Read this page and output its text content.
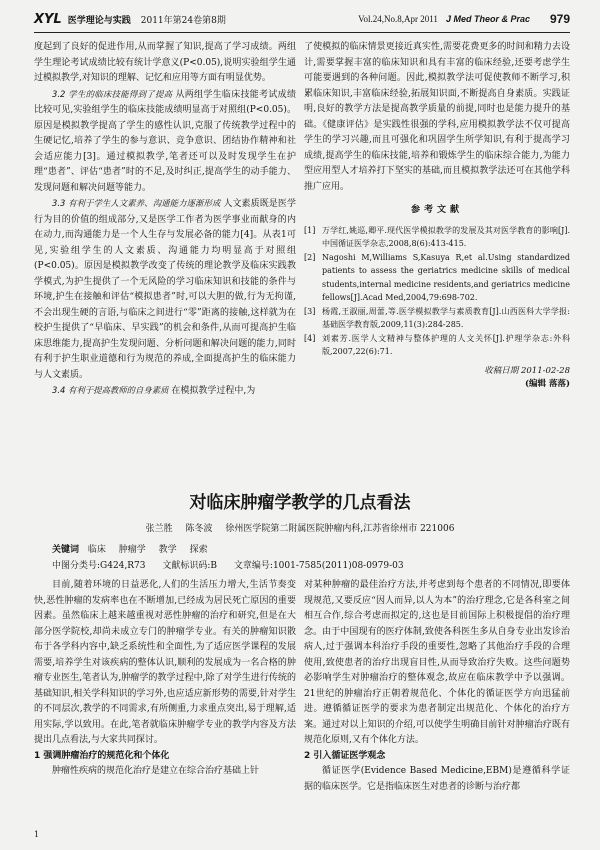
XYL 医学理论与实践 2011年第24卷第8期	Vol.24,No.8,Apr 2011 J Med Theor & Prac 979

度起到了良好的促进作用,从而掌握了知识,提高了学习成绩。两组学生理论考试成绩比较有统计学意义(P<0.05),说明实验组学生通过模拟教学,对知识的理解、记忆和应用等方面有明显优势。

3.2 学生的临床技能得到了提高 从两组学生临床技能考试成绩比较可见,实验组学生的临床技能成绩明显高于对照组(P<0.05)。原因是模拟教学提高了学生的感性认识,克服了传统教学过程中的生硬记忆,培养了学生的参与意识、竞争意识、团结协作精神和社会适应能力[3]。通过模拟教学,笔者还可以及时发现学生在护理“患者”、评估“患者”时的不足,及时纠正,提高学生的动手能力、发现问题和解决问题等能力。

3.3 有利于学生人文素养、沟通能力逐渐形成 人文素质既是医学行为目的价值的组成部分,又是医学工作者为医学事业而献身的内在动力,而沟通能力是一个人生存与发展必备的能力[4]。从表1可见,实验组学生的人文素质、沟通能力均明显高于对照组(P<0.05)。原因是模拟教学改变了传统的理论教学及临床实践教学模式,为护生提供了一个无风险的学习临床知识和技能的条件与环境,护生在接触和评估“模拟患者”时,可以大胆的做,行为无拘谨,不会出现生硬的言语,与临床之间进行“零”距离的接触,这样就为在校护生提供了“早临床、早实践”的机会和条件,从而可提高护生临床思维能力,提高护生发现问题、分析问题和解决问题的能力,同时有利于护生职业道德和行为规范的养成,全面提高护生的临床能力与人文素质。

3.4 有利于提高教师的自身素质 在模拟教学过程中,为

了使模拟的临床情景更接近真实性,需要花费更多的时间和精力去设计,需要掌握丰富的临床知识和具有丰富的临床经验,还要考虑学生可能要遇到的各种问题。因此,模拟教学法可促使教师不断学习,积累临床知识,丰富临床经验,拓展知识面,不断提高自身素质。实践证明,良好的教学方法是提高教学质量的前提,同时也是能力提升的基础。《健康评估》是实践性很强的学科,应用模拟教学法不仅可提高学生的学习兴趣,而且可强化和巩固学生所学知识,有利于提高学习成绩,提高学生的临床技能,培养和锻炼学生的临床综合能力,为能力型应用型人才培养打下坚实的基础,而且模拟教学法还可在其他学科推广应用。

参考文献
[1] 万学红,姚巡,卿平.现代医学模拟教学的发展及其对医学教育的影响[J].中国循证医学杂志,2008,8(6):413-415.
[2] Nagoshi M,Williams S,Kasuya R,et al.Using standardized patients to assess the geriatrics medicine skills of medical students,internal medicine residents,and geriatrics medicine fellows[J].Acad Med,2004,79:698-702.
[3] 杨霞,王淑丽,周蕾,等.医学模拟教学与素质教育[J].山西医科大学学报:基础医学教育版,2009,11(3):284-285.
[4] 刘素芳.医学人文精神与整体护理的人文关怀[J].护理学杂志:外科版,2007,22(6):71.
收稿日期 2011-02-28
(编辑 落落)
对临床肿瘤学教学的几点看法
张兰胜 陈冬波 徐州医学院第二附属医院肿瘤内科,江苏省徐州市 221006
关键词 临床 肿瘤学 教学 探索
中图分类号:G424,R73 文献标识码:B 文章编号:1001-7585(2011)08-0979-03

目前,随着环境的日益恶化,人们的生活压力增大,生活节奏变快,恶性肿瘤的发病率也在不断增加,已经成为居民死亡原因的重要因素。虽然临床上越来越重视对恶性肿瘤的治疗和研究,但是在大部分医学院校,却尚未成立专门的肿瘤学专业。有关的肿瘤知识散布于各学科内容中,缺乏系统性和全面性,为了适应医学课程的发展需要,培养学生对该疾病的整体认识,顺利的发展成为一名合格的肿瘤专业医生,笔者认为,肿瘤学的教学过程中,除了对学生进行传统的基础知识,相关学科知识的学习外,也应适应新形势的需要,针对学生的不同层次,教学的不同需求,有所侧重,力求重点突出,易于理解,适用实际,学以致用。在此,笔者就临床肿瘤学专业的教学内容及方法提出几点看法,与大家共同探讨。

1 强调肿瘤治疗的规范化和个体化

肿瘤性疾病的规范化治疗是建立在综合治疗基础上针

对某种肿瘤的最佳治疗方法,并考虑到每个患者的不同情况,即要体现规范,又要反应“因人而异,以人为本”的治疗理念,它是各科室之间相互合作,综合考虑而拟定的,这也是目前国际上积极提倡的治疗理念。由于中国现有的医疗体制,致使各科医生多从自身专业出发诊治病人,过于强调本科治疗手段的重要性,忽略了其他治疗手段的合理使用,致使患者的治疗出现盲目性,从而导致治疗失败。这些问题势必影响学生对肿瘤治疗的整体观念,故应在临床教学中予以强调。21世纪的肿瘤治疗正朝着规范化、个体化的循证医学方向迅猛前进。遵循循证医学的要求为患者制定出规范化、个体化的治疗方案。通过对以上知识的介绍,可以使学生明确目前针对肿瘤治疗既有规范化原则,又有个体化方法。

2 引入循证医学观念

循证医学(Evidence Based Medicine,EBM)是遵循科学证据的临床医学。它是指临床医生对患者的诊断与治疗都

1
